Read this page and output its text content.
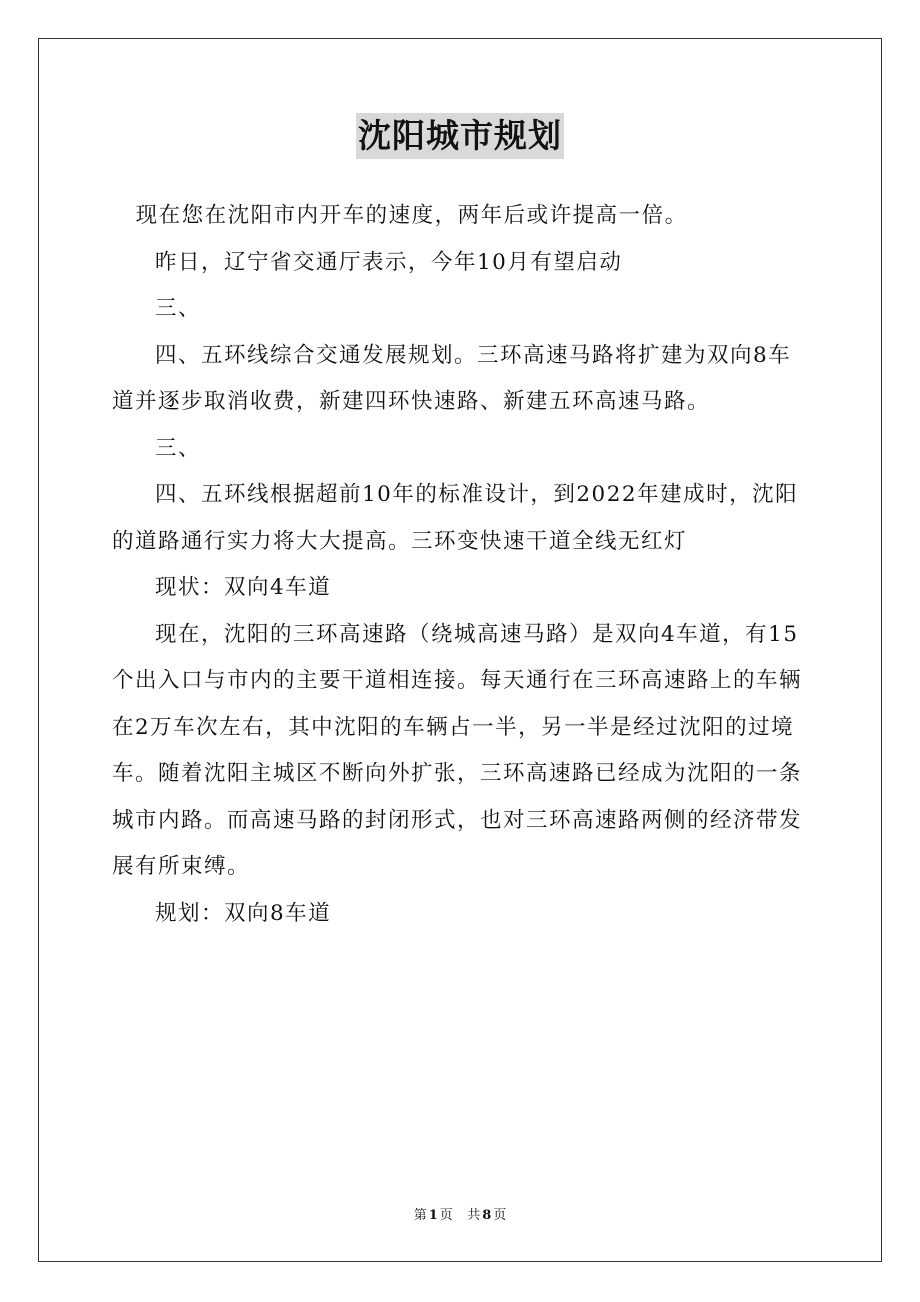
沈阳城市规划

现在您在沈阳市内开车的速度，两年后或许提高一倍。

昨日，辽宁省交通厅表示，今年10月有望启动

三、

四、五环线综合交通发展规划。三环高速马路将扩建为双向8车道并逐步取消收费，新建四环快速路、新建五环高速马路。

三、

四、五环线根据超前10年的标准设计，到2022年建成时，沈阳的道路通行实力将大大提高。三环变快速干道全线无红灯

现状：双向4车道

现在，沈阳的三环高速路（绕城高速马路）是双向4车道，有15个出入口与市内的主要干道相连接。每天通行在三环高速路上的车辆在2万车次左右，其中沈阳的车辆占一半，另一半是经过沈阳的过境车。随着沈阳主城区不断向外扩张，三环高速路已经成为沈阳的一条城市内路。而高速马路的封闭形式，也对三环高速路两侧的经济带发展有所束缚。

规划：双向8车道

第 1 页 共 8 页
